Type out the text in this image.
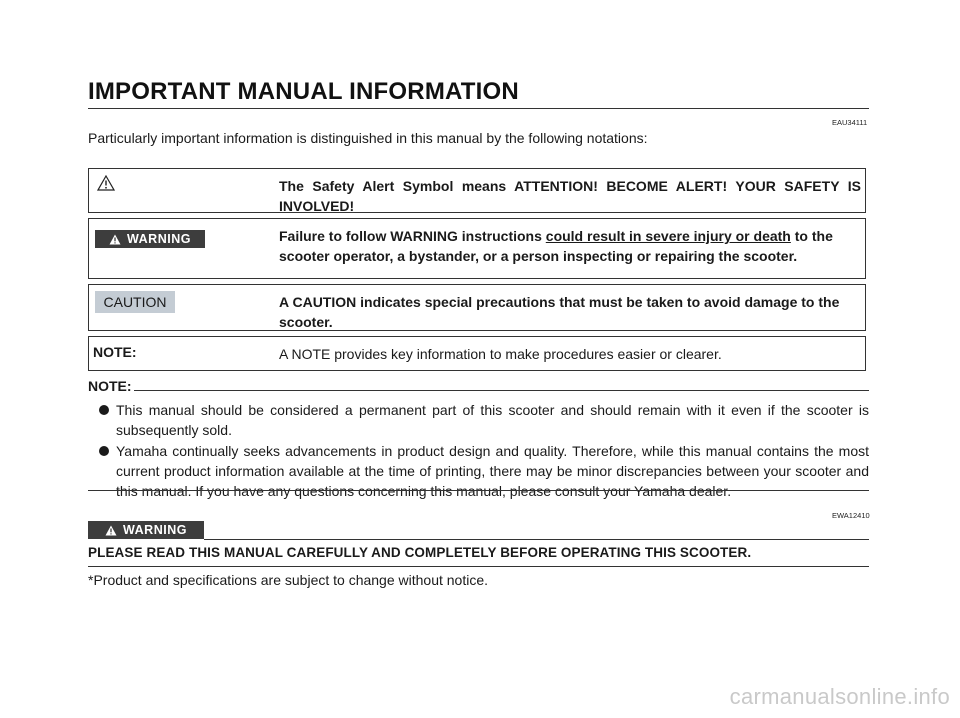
IMPORTANT MANUAL INFORMATION
EAU34111
Particularly important information is distinguished in this manual by the following notations:
The Safety Alert Symbol means ATTENTION! BECOME ALERT! YOUR SAFETY IS INVOLVED!
WARNING	Failure to follow WARNING instructions could result in severe injury or death to the scooter operator, a bystander, or a person inspecting or repairing the scooter.
CAUTION	A CAUTION indicates special precautions that must be taken to avoid damage to the scooter.
NOTE:	A NOTE provides key information to make procedures easier or clearer.
NOTE:
This manual should be considered a permanent part of this scooter and should remain with it even if the scooter is subsequently sold.
Yamaha continually seeks advancements in product design and quality. Therefore, while this manual contains the most current product information available at the time of printing, there may be minor discrepancies between your scooter and this manual. If you have any questions concerning this manual, please consult your Yamaha dealer.
EWA12410
WARNING
PLEASE READ THIS MANUAL CAREFULLY AND COMPLETELY BEFORE OPERATING THIS SCOOTER.
*Product and specifications are subject to change without notice.
carmanualsonline.info
